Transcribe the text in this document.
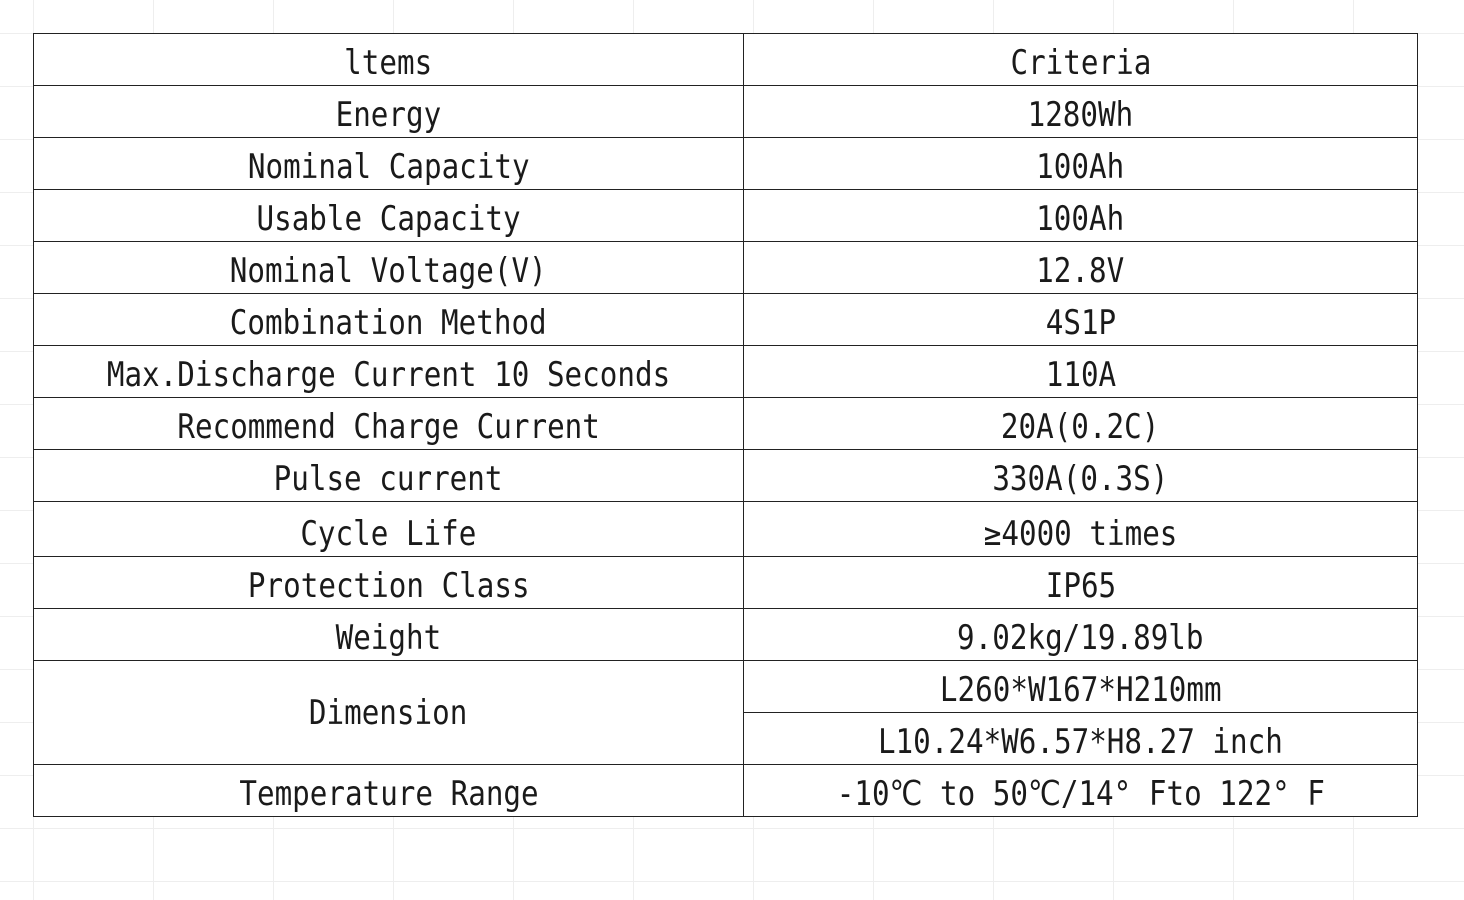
ltems	Criteria
Energy	1280Wh
Nominal Capacity	100Ah
Usable Capacity	100Ah
Nominal Voltage(V)	12.8V
Combination Method	4S1P
Max.Discharge Current 10 Seconds	110A
Recommend Charge Current	20A(0.2C)
Pulse current	330A(0.3S)
Cycle Life	≥4000 times
Protection Class	IP65
Weight	9.02kg/19.89lb
Dimension	L260*W167*H210mm
	L10.24*W6.57*H8.27 inch
Temperature Range	-10℃ to 50℃/14° Fto 122° F
